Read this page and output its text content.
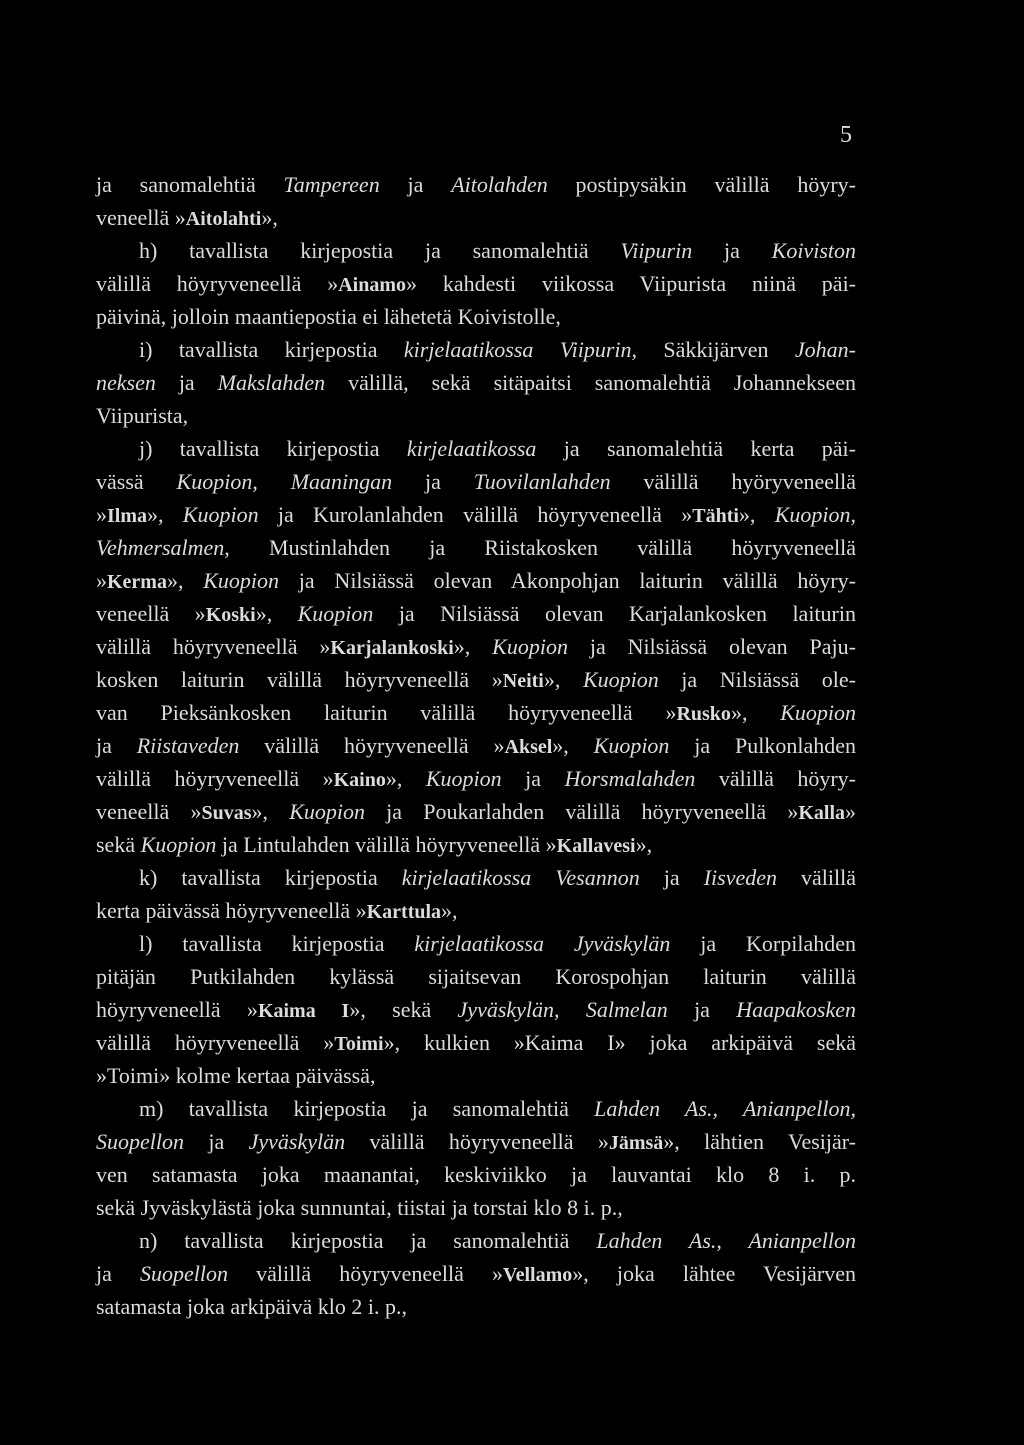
5
ja sanomalehtiä Tampereen ja Aitolahden postipysäkin välillä höyry-
veneellä »Aitolahti»,
h) tavallista kirjepostia ja sanomalehtiä Viipurin ja Koiviston
välillä höyryveneellä »Ainamo» kahdesti viikossa Viipurista niinä päi-
päivinä, jolloin maantiepostia ei lähetetä Koivistolle,
i) tavallista kirjepostia kirjelaatikossa Viipurin, Säkkijärven Johan-
neksen ja Makslahden välillä, sekä sitäpaitsi sanomalehtiä Johannekseen
Viipurista,
j) tavallista kirjepostia kirjelaatikossa ja sanomalehtiä kerta päi-
vässä Kuopion, Maaningan ja Tuovilanlahden välillä hyöryveneellä
»Ilma», Kuopion ja Kurolanlahden välillä höyryveneellä »Tähti», Kuopion,
Vehmersalmen, Mustinlahden ja Riistakosken välillä höyryveneellä
»Kerma», Kuopion ja Nilsiässä olevan Akonpohjan laiturin välillä höyry-
veneellä »Koski», Kuopion ja Nilsiässä olevan Karjalankosken laiturin
välillä höyryveneellä »Karjalankoski», Kuopion ja Nilsiässä olevan Paju-
kosken laiturin välillä höyryveneellä »Neiti», Kuopion ja Nilsiässä ole-
van Pieksänkosken laiturin välillä höyryveneellä »Rusko», Kuopion
ja Riistaveden välillä höyryveneellä »Aksel», Kuopion ja Pulkonlahden
välillä höyryveneellä »Kaino», Kuopion ja Horsmalahden välillä höyry-
veneellä »Suvas», Kuopion ja Poukarlahden välillä höyryveneellä »Kalla»
sekä Kuopion ja Lintulahden välillä höyryveneellä »Kallavesi»,
k) tavallista kirjepostia kirjelaatikossa Vesannon ja Iisveden välillä
kerta päivässä höyryveneellä »Karttula»,
l) tavallista kirjepostia kirjelaatikossa Jyväskylän ja Korpilahden
pitäjän Putkilahden kylässä sijaitsevan Korospohjan laiturin välillä
höyryveneellä »Kaima I», sekä Jyväskylän, Salmelan ja Haapakosken
välillä höyryveneellä »Toimi», kulkien »Kaima I» joka arkipäivä sekä
»Toimi» kolme kertaa päivässä,
m) tavallista kirjepostia ja sanomalehtiä Lahden As., Anianpellon,
Suopellon ja Jyväskylän välillä höyryveneellä »Jämsä», lähtien Vesijär-
ven satamasta joka maanantai, keskiviikko ja lauvantai klo 8 i. p.
sekä Jyväskylästä joka sunnuntai, tiistai ja torstai klo 8 i. p.,
n) tavallista kirjepostia ja sanomalehtiä Lahden As., Anianpellon
ja Suopellon välillä höyryveneellä »Vellamo», joka lähtee Vesijärven
satamasta joka arkipäivä klo 2 i. p.,
